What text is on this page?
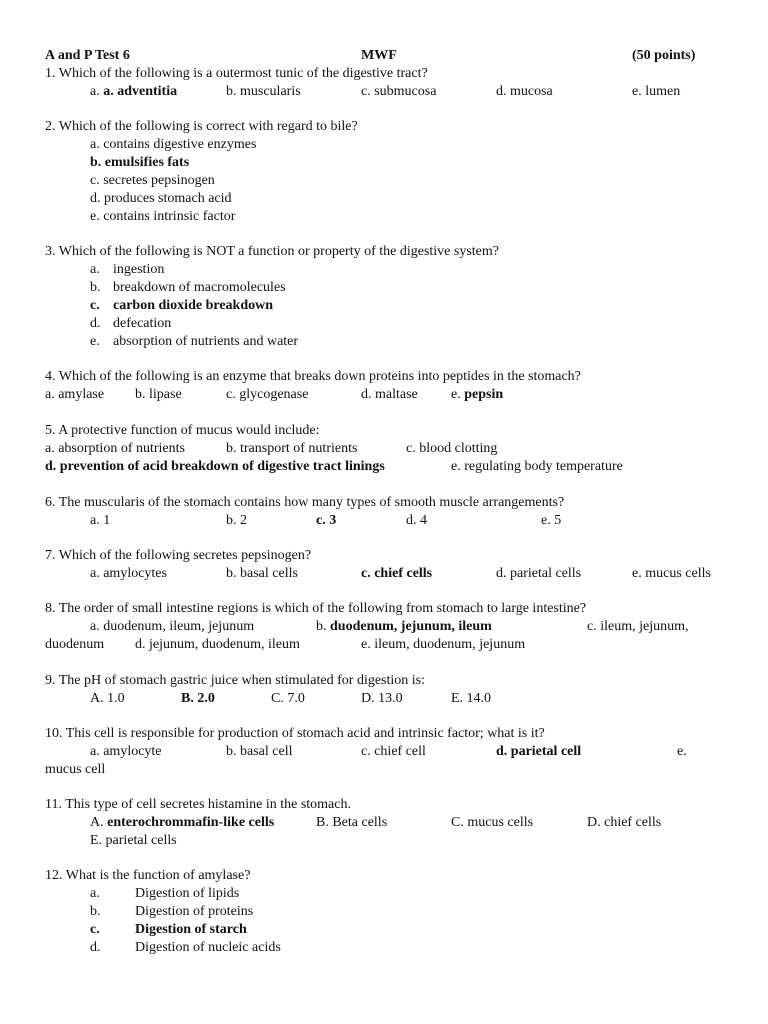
A and P Test 6	MWF	(50 points)
1. Which of the following is a outermost tunic of the digestive tract?
a. a. adventitia	b. muscularis	c. submucosa	d. mucosa	e. lumen
2. Which of the following is correct with regard to bile?
a. contains digestive enzymes
b. emulsifies fats
c. secretes pepsinogen
d. produces stomach acid
e. contains intrinsic factor
3. Which of the following is NOT a function or property of the digestive system?
a. ingestion
b. breakdown of macromolecules
c. carbon dioxide breakdown
d. defecation
e. absorption of nutrients and water
4. Which of the following is an enzyme that breaks down proteins into peptides in the stomach?
a. amylase b. lipase	c. glycogenase	d. maltase e. pepsin
5. A protective function of mucus would include:
a. absorption of nutrients	b. transport of nutrients	c. blood clotting
d. prevention of acid breakdown of digestive tract linings	e. regulating body temperature
6. The muscularis of the stomach contains how many types of smooth muscle arrangements?
a. 1	b. 2	c. 3	d. 4	e. 5
7. Which of the following secretes pepsinogen?
a. amylocytes	b. basal cells	c. chief cells	d. parietal cells	e. mucus cells
8. The order of small intestine regions is which of the following from stomach to large intestine?
a. duodenum, ileum, jejunum	b. duodenum, jejunum, ileum	c. ileum, jejunum,
duodenum d. jejunum, duodenum, ileum	e. ileum, duodenum, jejunum
9. The pH of stomach gastric juice when stimulated for digestion is:
A. 1.0	B. 2.0	C. 7.0	D. 13.0	E. 14.0
10. This cell is responsible for production of stomach acid and intrinsic factor; what is it?
a. amylocyte	b. basal cell	c. chief cell	d. parietal cell	e.
mucus cell
11. This type of cell secretes histamine in the stomach.
A. enterochrommafin-like cells	B. Beta cells	C. mucus cells	D. chief cells
E. parietal cells
12. What is the function of amylase?
a.	Digestion of lipids
b. Digestion of proteins
c.	Digestion of starch
d. Digestion of nucleic acids
